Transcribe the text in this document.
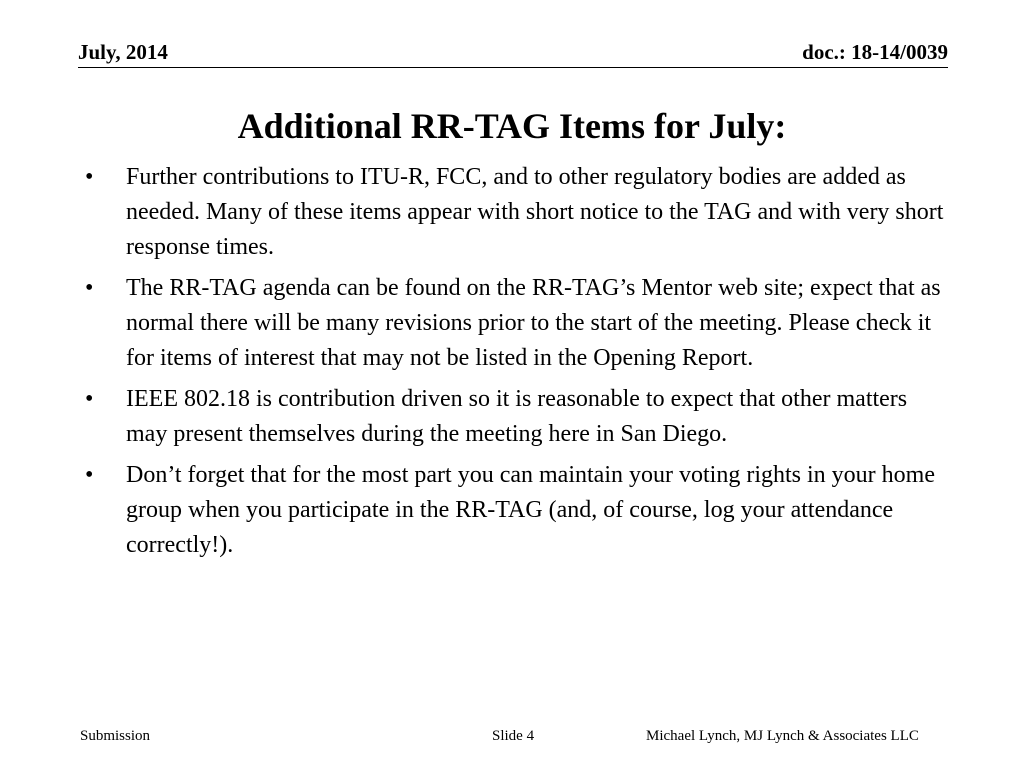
July, 2014	doc.: 18-14/0039
Additional RR-TAG Items for July:
•	Further contributions to ITU-R, FCC, and to other regulatory bodies are added as needed. Many of these items appear with short notice to the TAG and with very short response times.
•	The RR-TAG agenda can be found on the RR-TAG’s Mentor web site; expect that as normal there will be many revisions prior to the start of the meeting. Please check it for items of interest that may not be listed in the Opening Report.
•	IEEE 802.18 is contribution driven so it is reasonable to expect that other matters may present themselves during the meeting here in San Diego.
•	Don’t forget that for the most part you can maintain your voting rights in your home group when you participate in the RR-TAG (and, of course, log your attendance correctly!).
Submission	Slide 4	Michael Lynch, MJ Lynch & Associates LLC
